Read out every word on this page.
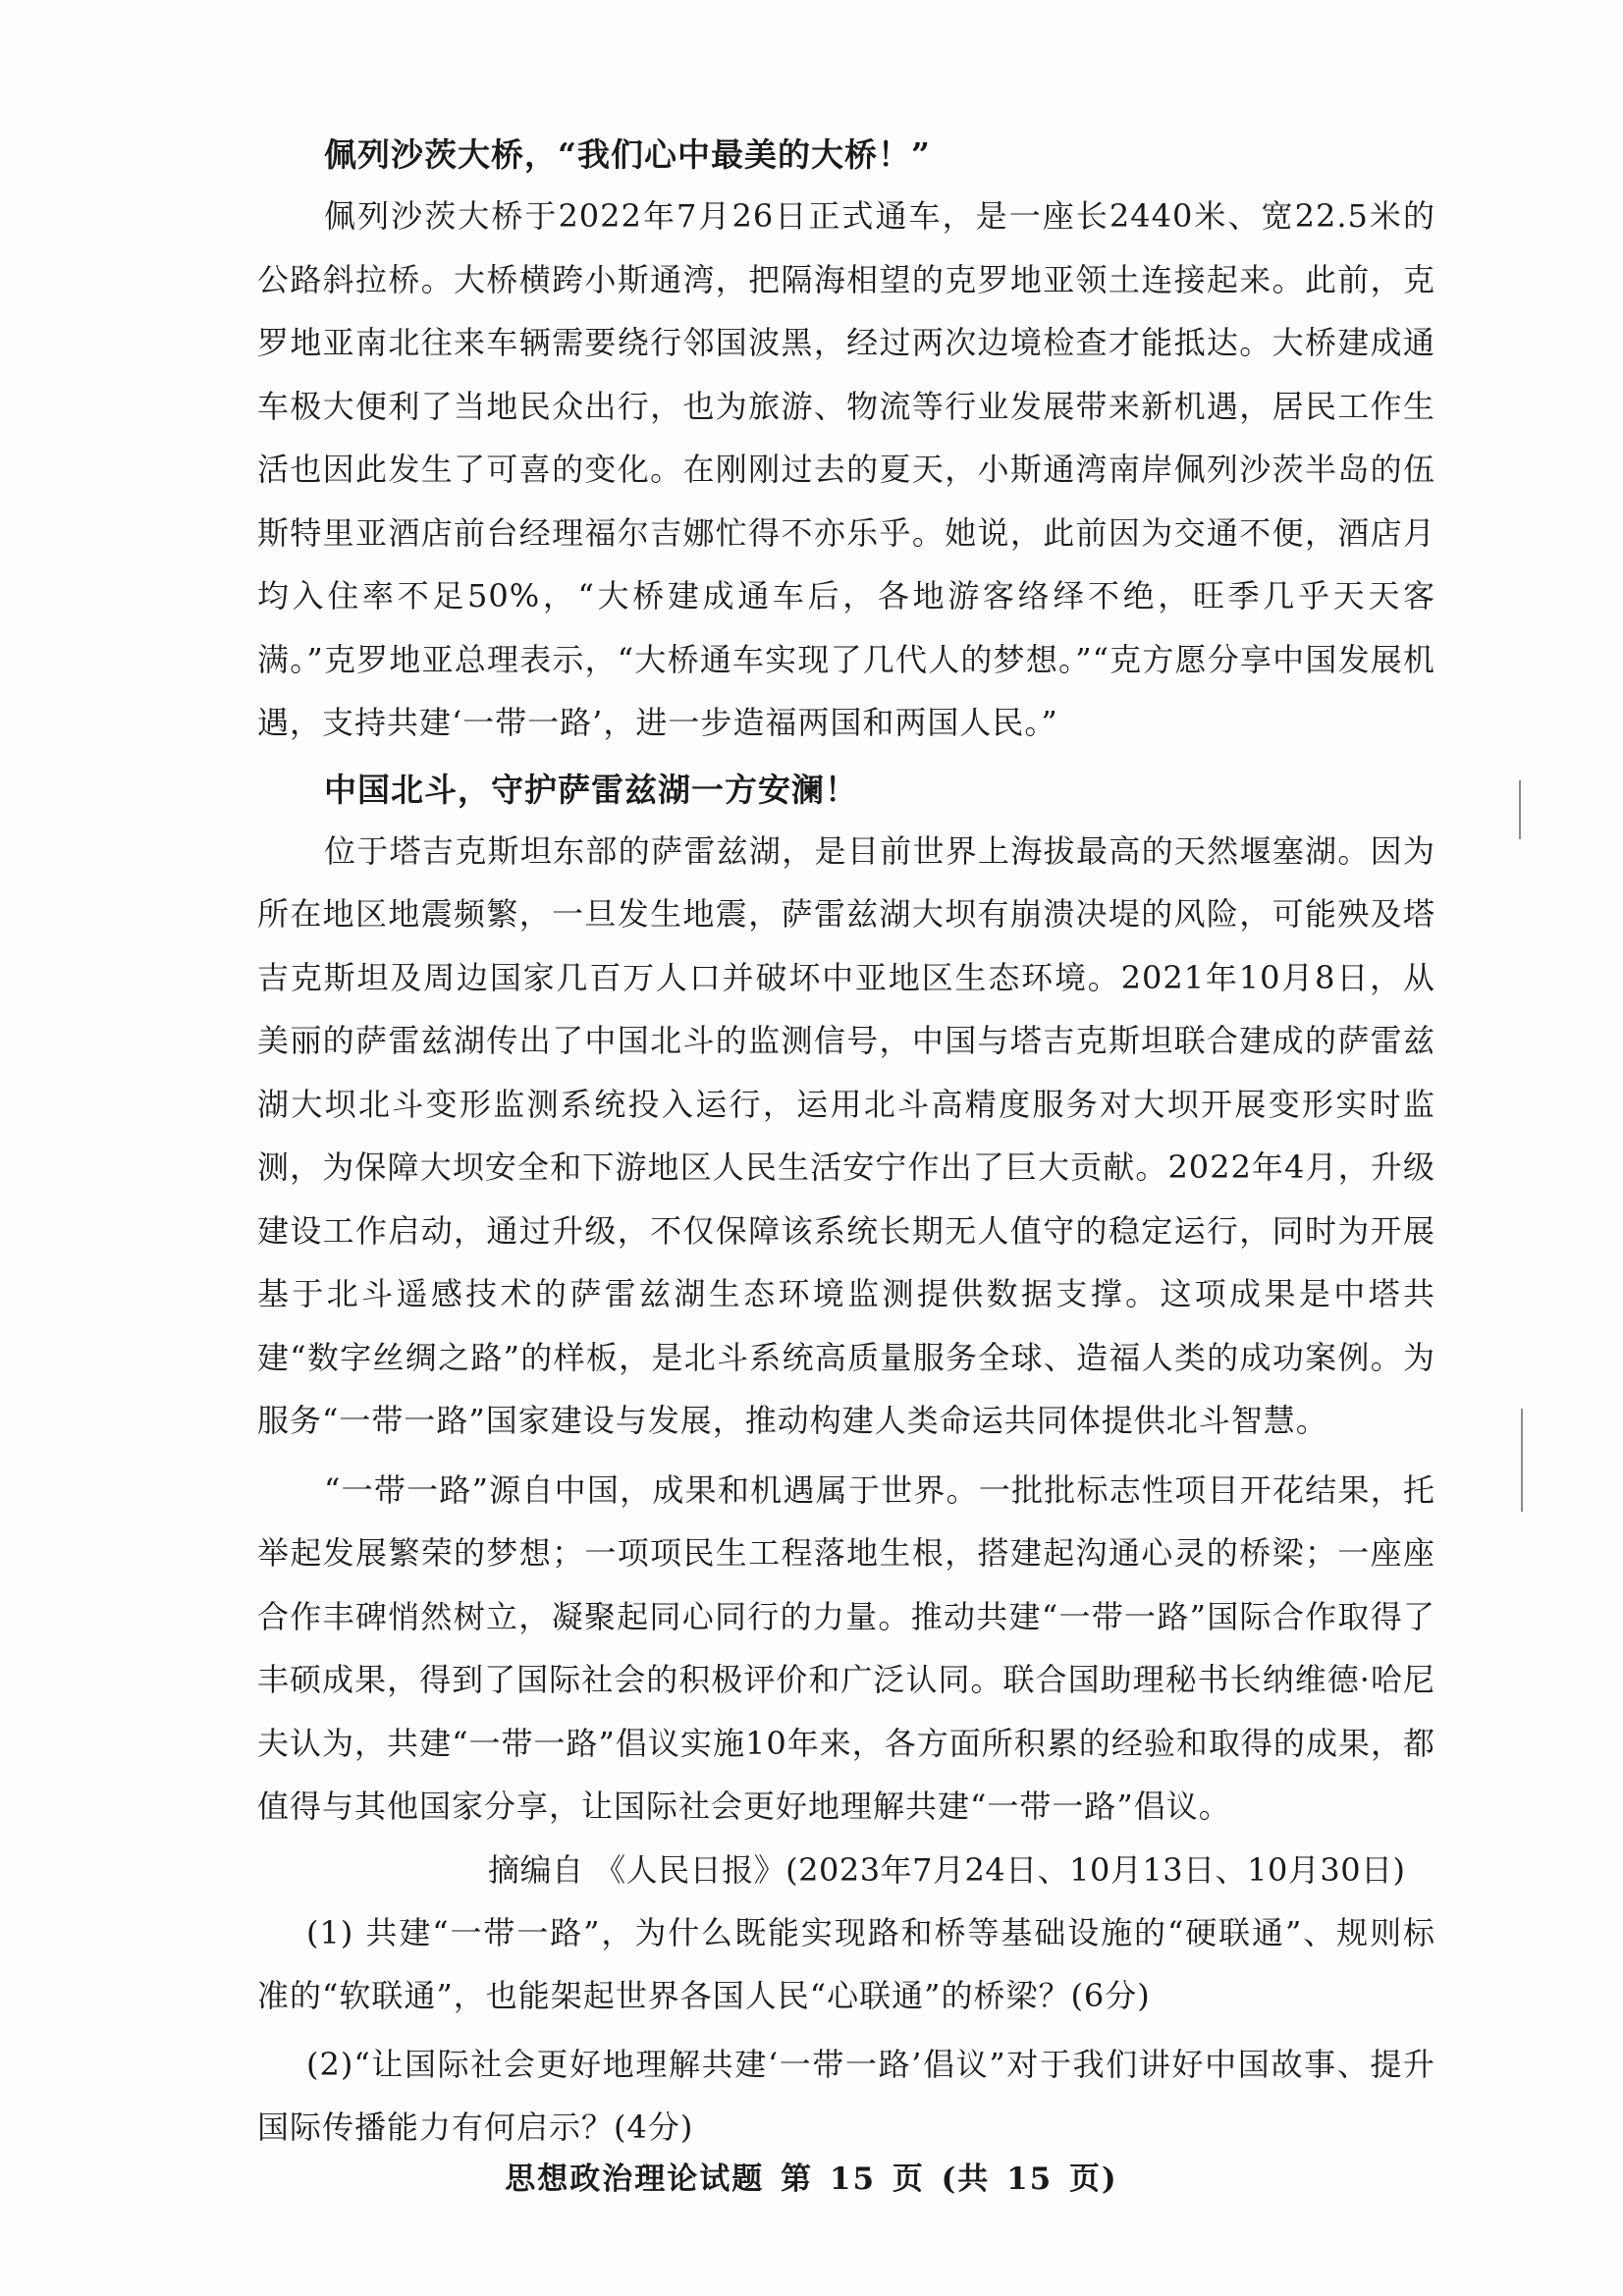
佩列沙茨大桥，“我们心中最美的大桥！”

佩列沙茨大桥于2022年7月26日正式通车，是一座长2440米、宽22.5米的公路斜拉桥。大桥横跨小斯通湾，把隔海相望的克罗地亚领土连接起来。此前，克罗地亚南北往来车辆需要绕行邻国波黑，经过两次边境检查才能抵达。大桥建成通车极大便利了当地民众出行，也为旅游、物流等行业发展带来新机遇，居民工作生活也因此发生了可喜的变化。在刚刚过去的夏天，小斯通湾南岸佩列沙茨半岛的伍斯特里亚酒店前台经理福尔吉娜忙得不亦乐乎。她说，此前因为交通不便，酒店月均入住率不足50%，“大桥建成通车后，各地游客络绎不绝，旺季几乎天天客满。”克罗地亚总理表示，“大桥通车实现了几代人的梦想。”“克方愿分享中国发展机遇，支持共建‘一带一路’，进一步造福两国和两国人民。”

中国北斗，守护萨雷兹湖一方安澜！

位于塔吉克斯坦东部的萨雷兹湖，是目前世界上海拔最高的天然堰塞湖。因为所在地区地震频繁，一旦发生地震，萨雷兹湖大坝有崩溃决堤的风险，可能殃及塔吉克斯坦及周边国家几百万人口并破坏中亚地区生态环境。2021年10月8日，从美丽的萨雷兹湖传出了中国北斗的监测信号，中国与塔吉克斯坦联合建成的萨雷兹湖大坝北斗变形监测系统投入运行，运用北斗高精度服务对大坝开展变形实时监测，为保障大坝安全和下游地区人民生活安宁作出了巨大贡献。2022年4月，升级建设工作启动，通过升级，不仅保障该系统长期无人值守的稳定运行，同时为开展基于北斗遥感技术的萨雷兹湖生态环境监测提供数据支撑。这项成果是中塔共建“数字丝绸之路”的样板，是北斗系统高质量服务全球、造福人类的成功案例。为服务“一带一路”国家建设与发展，推动构建人类命运共同体提供北斗智慧。

“一带一路”源自中国，成果和机遇属于世界。一批批标志性项目开花结果，托举起发展繁荣的梦想；一项项民生工程落地生根，搭建起沟通心灵的桥梁；一座座合作丰碑悄然树立，凝聚起同心同行的力量。推动共建“一带一路”国际合作取得了丰硕成果，得到了国际社会的积极评价和广泛认同。联合国助理秘书长纳维德·哈尼夫认为，共建“一带一路”倡议实施10年来，各方面所积累的经验和取得的成果，都值得与其他国家分享，让国际社会更好地理解共建“一带一路”倡议。

摘编自 《人民日报》(2023年7月24日、10月13日、10月30日)

(1) 共建“一带一路”，为什么既能实现路和桥等基础设施的“硬联通”、规则标准的“软联通”，也能架起世界各国人民“心联通”的桥梁？(6分)

(2)“让国际社会更好地理解共建‘一带一路’倡议”对于我们讲好中国故事、提升国际传播能力有何启示？(4分)

思想政治理论试题 第 15 页 (共 15 页)
